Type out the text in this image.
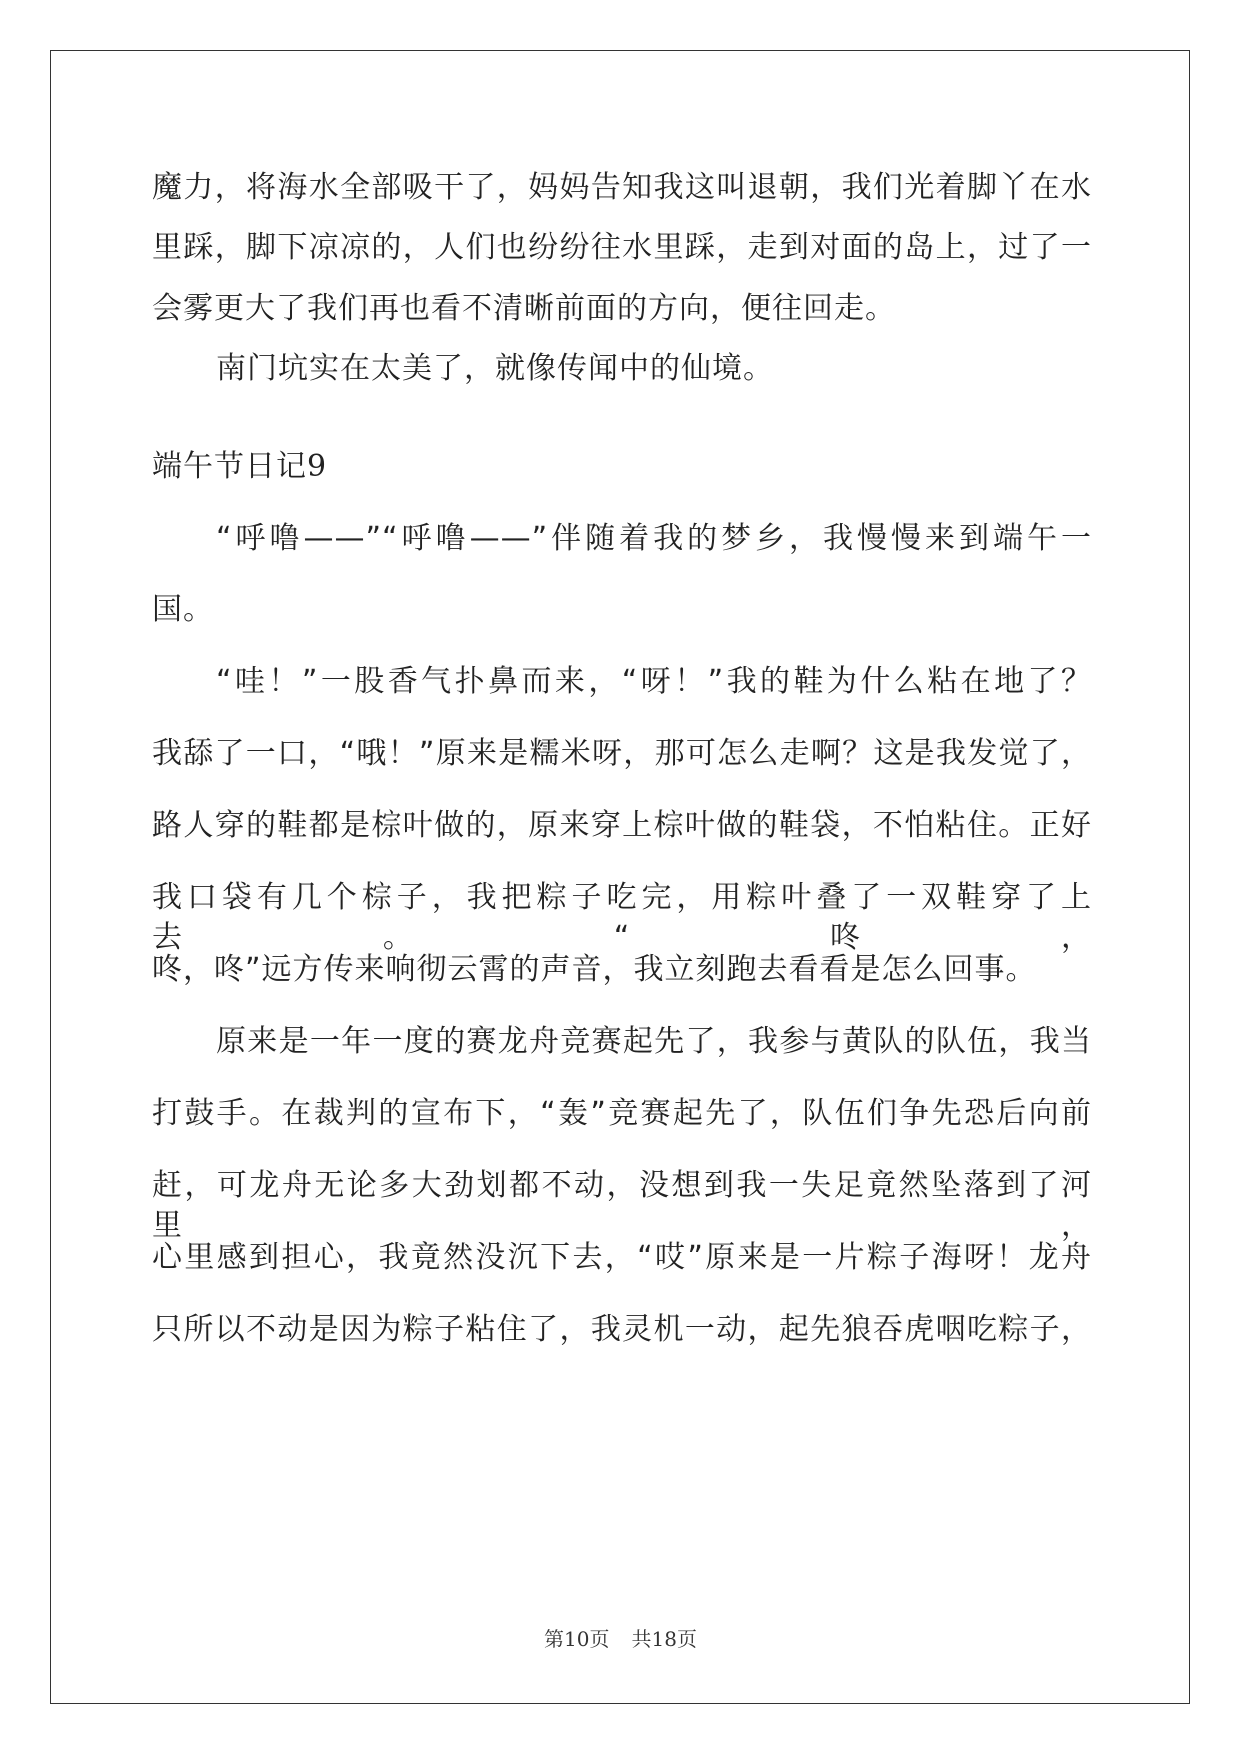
魔力，将海水全部吸干了，妈妈告知我这叫退朝，我们光着脚丫在水
里踩，脚下凉凉的，人们也纷纷往水里踩，走到对面的岛上，过了一
会雾更大了我们再也看不清晰前面的方向，便往回走。
南门坑实在太美了，就像传闻中的仙境。
端午节日记9
“呼噜——”“呼噜——”伴随着我的梦乡，我慢慢来到端午一
国。
“哇！”一股香气扑鼻而来，“呀！”我的鞋为什么粘在地了？
我舔了一口，“哦！”原来是糯米呀，那可怎么走啊？这是我发觉了，
路人穿的鞋都是棕叶做的，原来穿上棕叶做的鞋袋，不怕粘住。正好
我口袋有几个棕子，我把粽子吃完，用粽叶叠了一双鞋穿了上去。“咚，
咚，咚”远方传来响彻云霄的声音，我立刻跑去看看是怎么回事。
原来是一年一度的赛龙舟竞赛起先了，我参与黄队的队伍，我当
打鼓手。在裁判的宣布下，“轰”竞赛起先了，队伍们争先恐后向前
赶，可龙舟无论多大劲划都不动，没想到我一失足竟然坠落到了河里，
心里感到担心，我竟然没沉下去，“哎”原来是一片粽子海呀！龙舟
只所以不动是因为粽子粘住了，我灵机一动，起先狼吞虎咽吃粽子，
第10页 共18页
